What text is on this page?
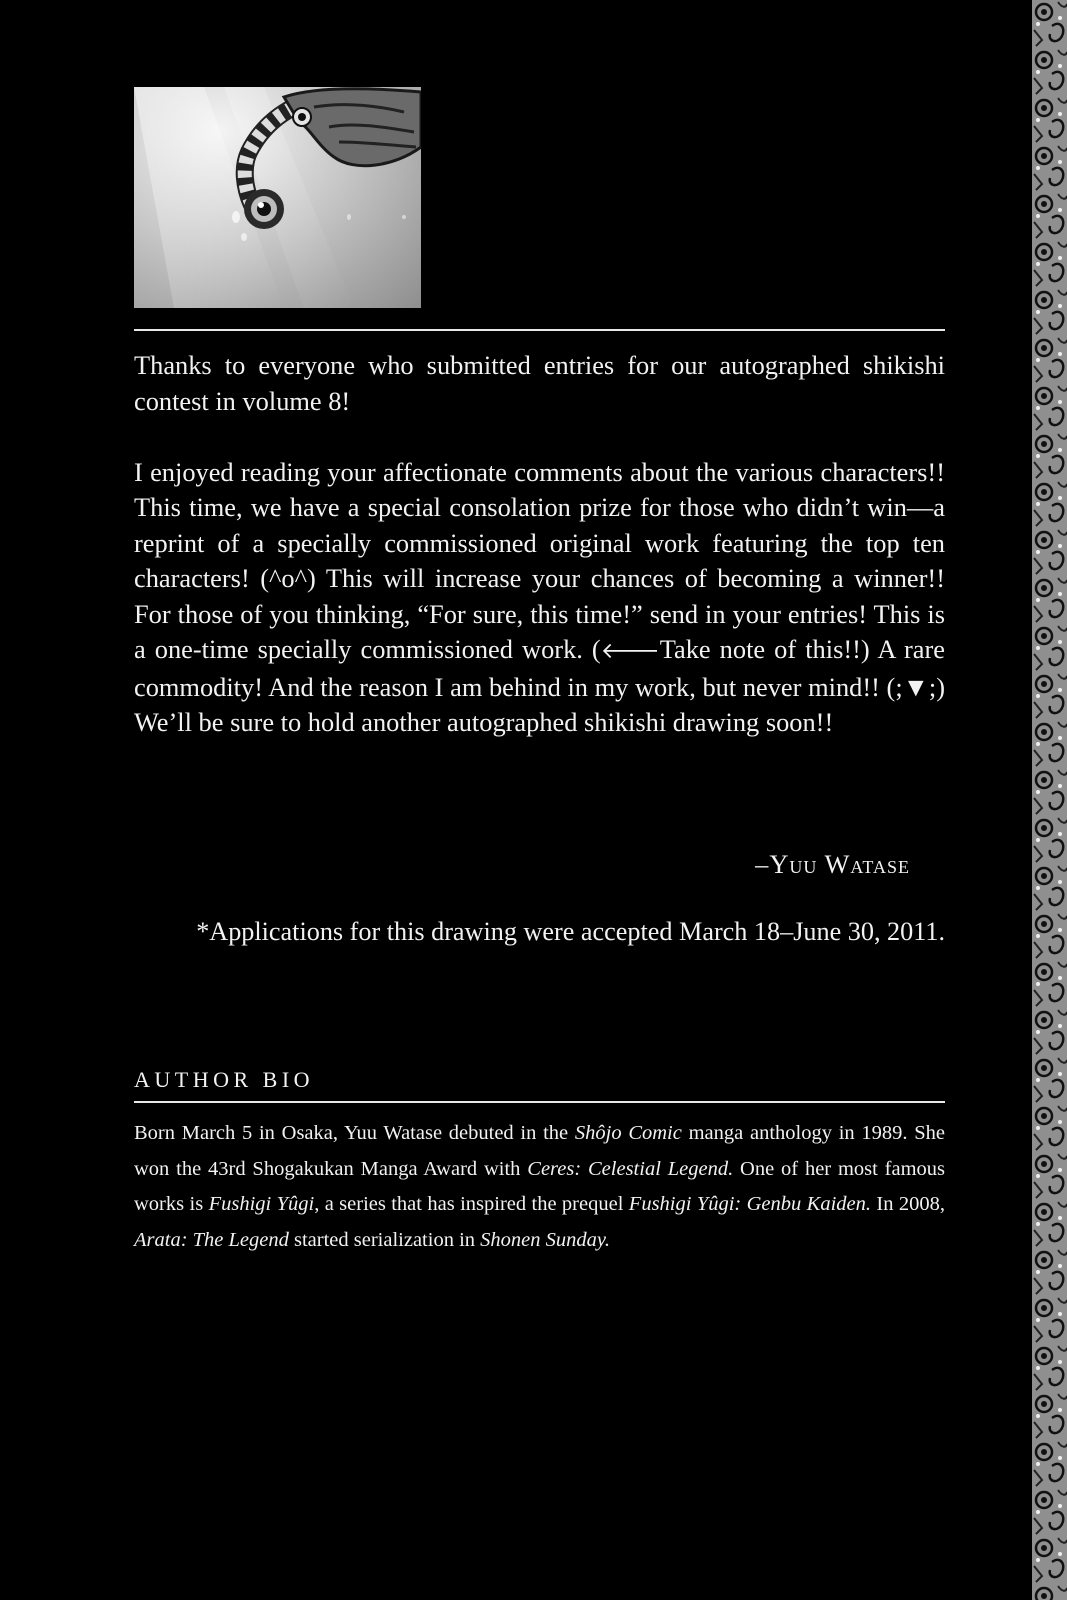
Thanks to everyone who submitted entries for our autographed shikishi contest in volume 8!

I enjoyed reading your affectionate comments about the various characters!! This time, we have a special consolation prize for those who didn’t win—a reprint of a specially commissioned original work featuring the top ten characters! (^o^) This will increase your chances of becoming a winner!! For those of you thinking, “For sure, this time!” send in your entries! This is a one-time specially commissioned work. (🡐Take note of this!!) A rare commodity! And the reason I am behind in my work, but never mind!! (;▼;) We’ll be sure to hold another autographed shikishi drawing soon!!

–Yuu Watase
*Applications for this drawing were accepted March 18–June 30, 2011.
AUTHOR BIO

Born March 5 in Osaka, Yuu Watase debuted in the Shôjo Comic manga anthology in 1989. She won the 43rd Shogakukan Manga Award with Ceres: Celestial Legend. One of her most famous works is Fushigi Yûgi, a series that has inspired the prequel Fushigi Yûgi: Genbu Kaiden. In 2008, Arata: The Legend started serialization in Shonen Sunday.
